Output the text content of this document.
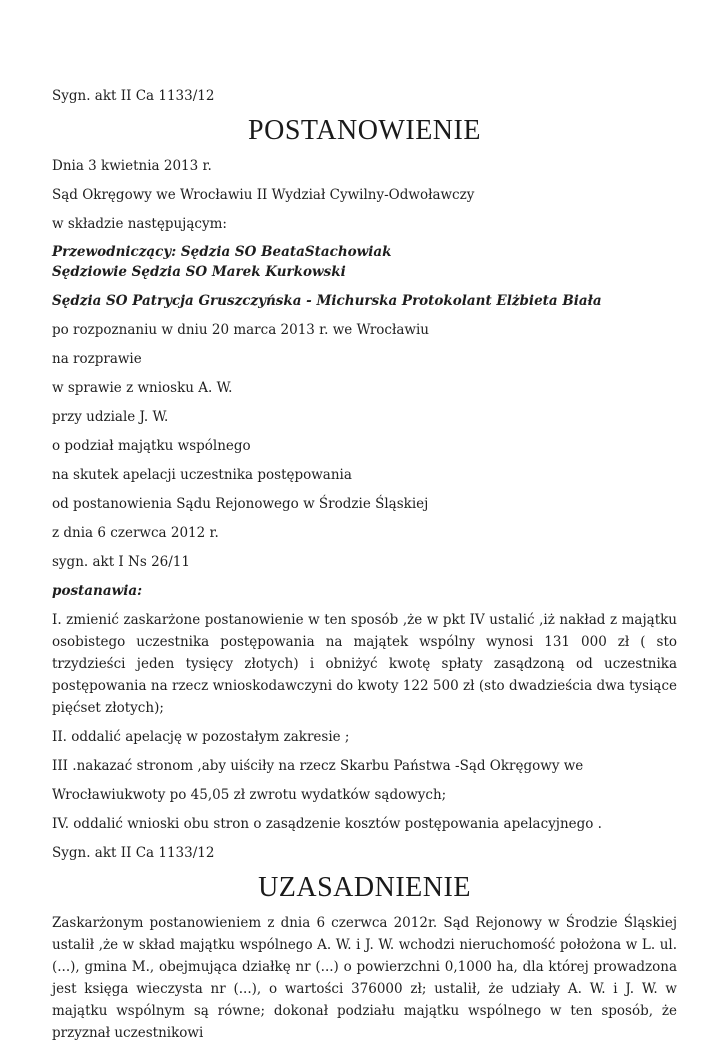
Sygn. akt II Ca 1133/12

POSTANOWIENIE

Dnia 3 kwietnia 2013 r.

Sąd Okręgowy we Wrocławiu II Wydział Cywilny-Odwoławczy

w składzie następującym:

Przewodniczący: Sędzia SO BeataStachowiak
Sędziowie Sędzia SO Marek Kurkowski

Sędzia SO Patrycja Gruszczyńska - Michurska Protokolant Elżbieta Biała

po rozpoznaniu w dniu 20 marca 2013 r. we Wrocławiu

na rozprawie

w sprawie z wniosku A. W.

przy udziale J. W.

o podział majątku wspólnego

na skutek apelacji uczestnika postępowania

od postanowienia Sądu Rejonowego w Środzie Śląskiej

z dnia 6 czerwca 2012 r.

sygn. akt I Ns 26/11

postanawia:

I. zmienić zaskarżone postanowienie w ten sposób ,że w pkt IV ustalić ,iż nakład z majątku osobistego uczestnika postępowania na majątek wspólny wynosi 131 000 zł ( sto trzydzieści jeden tysięcy złotych) i obniżyć kwotę spłaty zasądzoną od uczestnika postępowania na rzecz wnioskodawczyni do kwoty 122 500 zł (sto dwadzieścia dwa tysiące pięćset złotych);

II. oddalić apelację w pozostałym zakresie ;

III .nakazać stronom ,aby uiściły na rzecz Skarbu Państwa -Sąd Okręgowy we

Wrocławiukwoty po 45,05 zł zwrotu wydatków sądowych;

IV. oddalić wnioski obu stron o zasądzenie kosztów postępowania apelacyjnego .

Sygn. akt II Ca 1133/12

UZASADNIENIE

Zaskarżonym postanowieniem z dnia 6 czerwca 2012r. Sąd Rejonowy w Środzie Śląskiej ustalił ,że w skład majątku wspólnego A. W. i J. W. wchodzi nieruchomość położona w L. ul. (...), gmina M., obejmująca działkę nr (...) o powierzchni 0,1000 ha, dla której prowadzona jest księga wieczysta nr (...), o wartości 376000 zł; ustalił, że udziały A. W. i J. W. w majątku wspólnym są równe; dokonał podziału majątku wspólnego w ten sposób, że przyznał uczestnikowi
